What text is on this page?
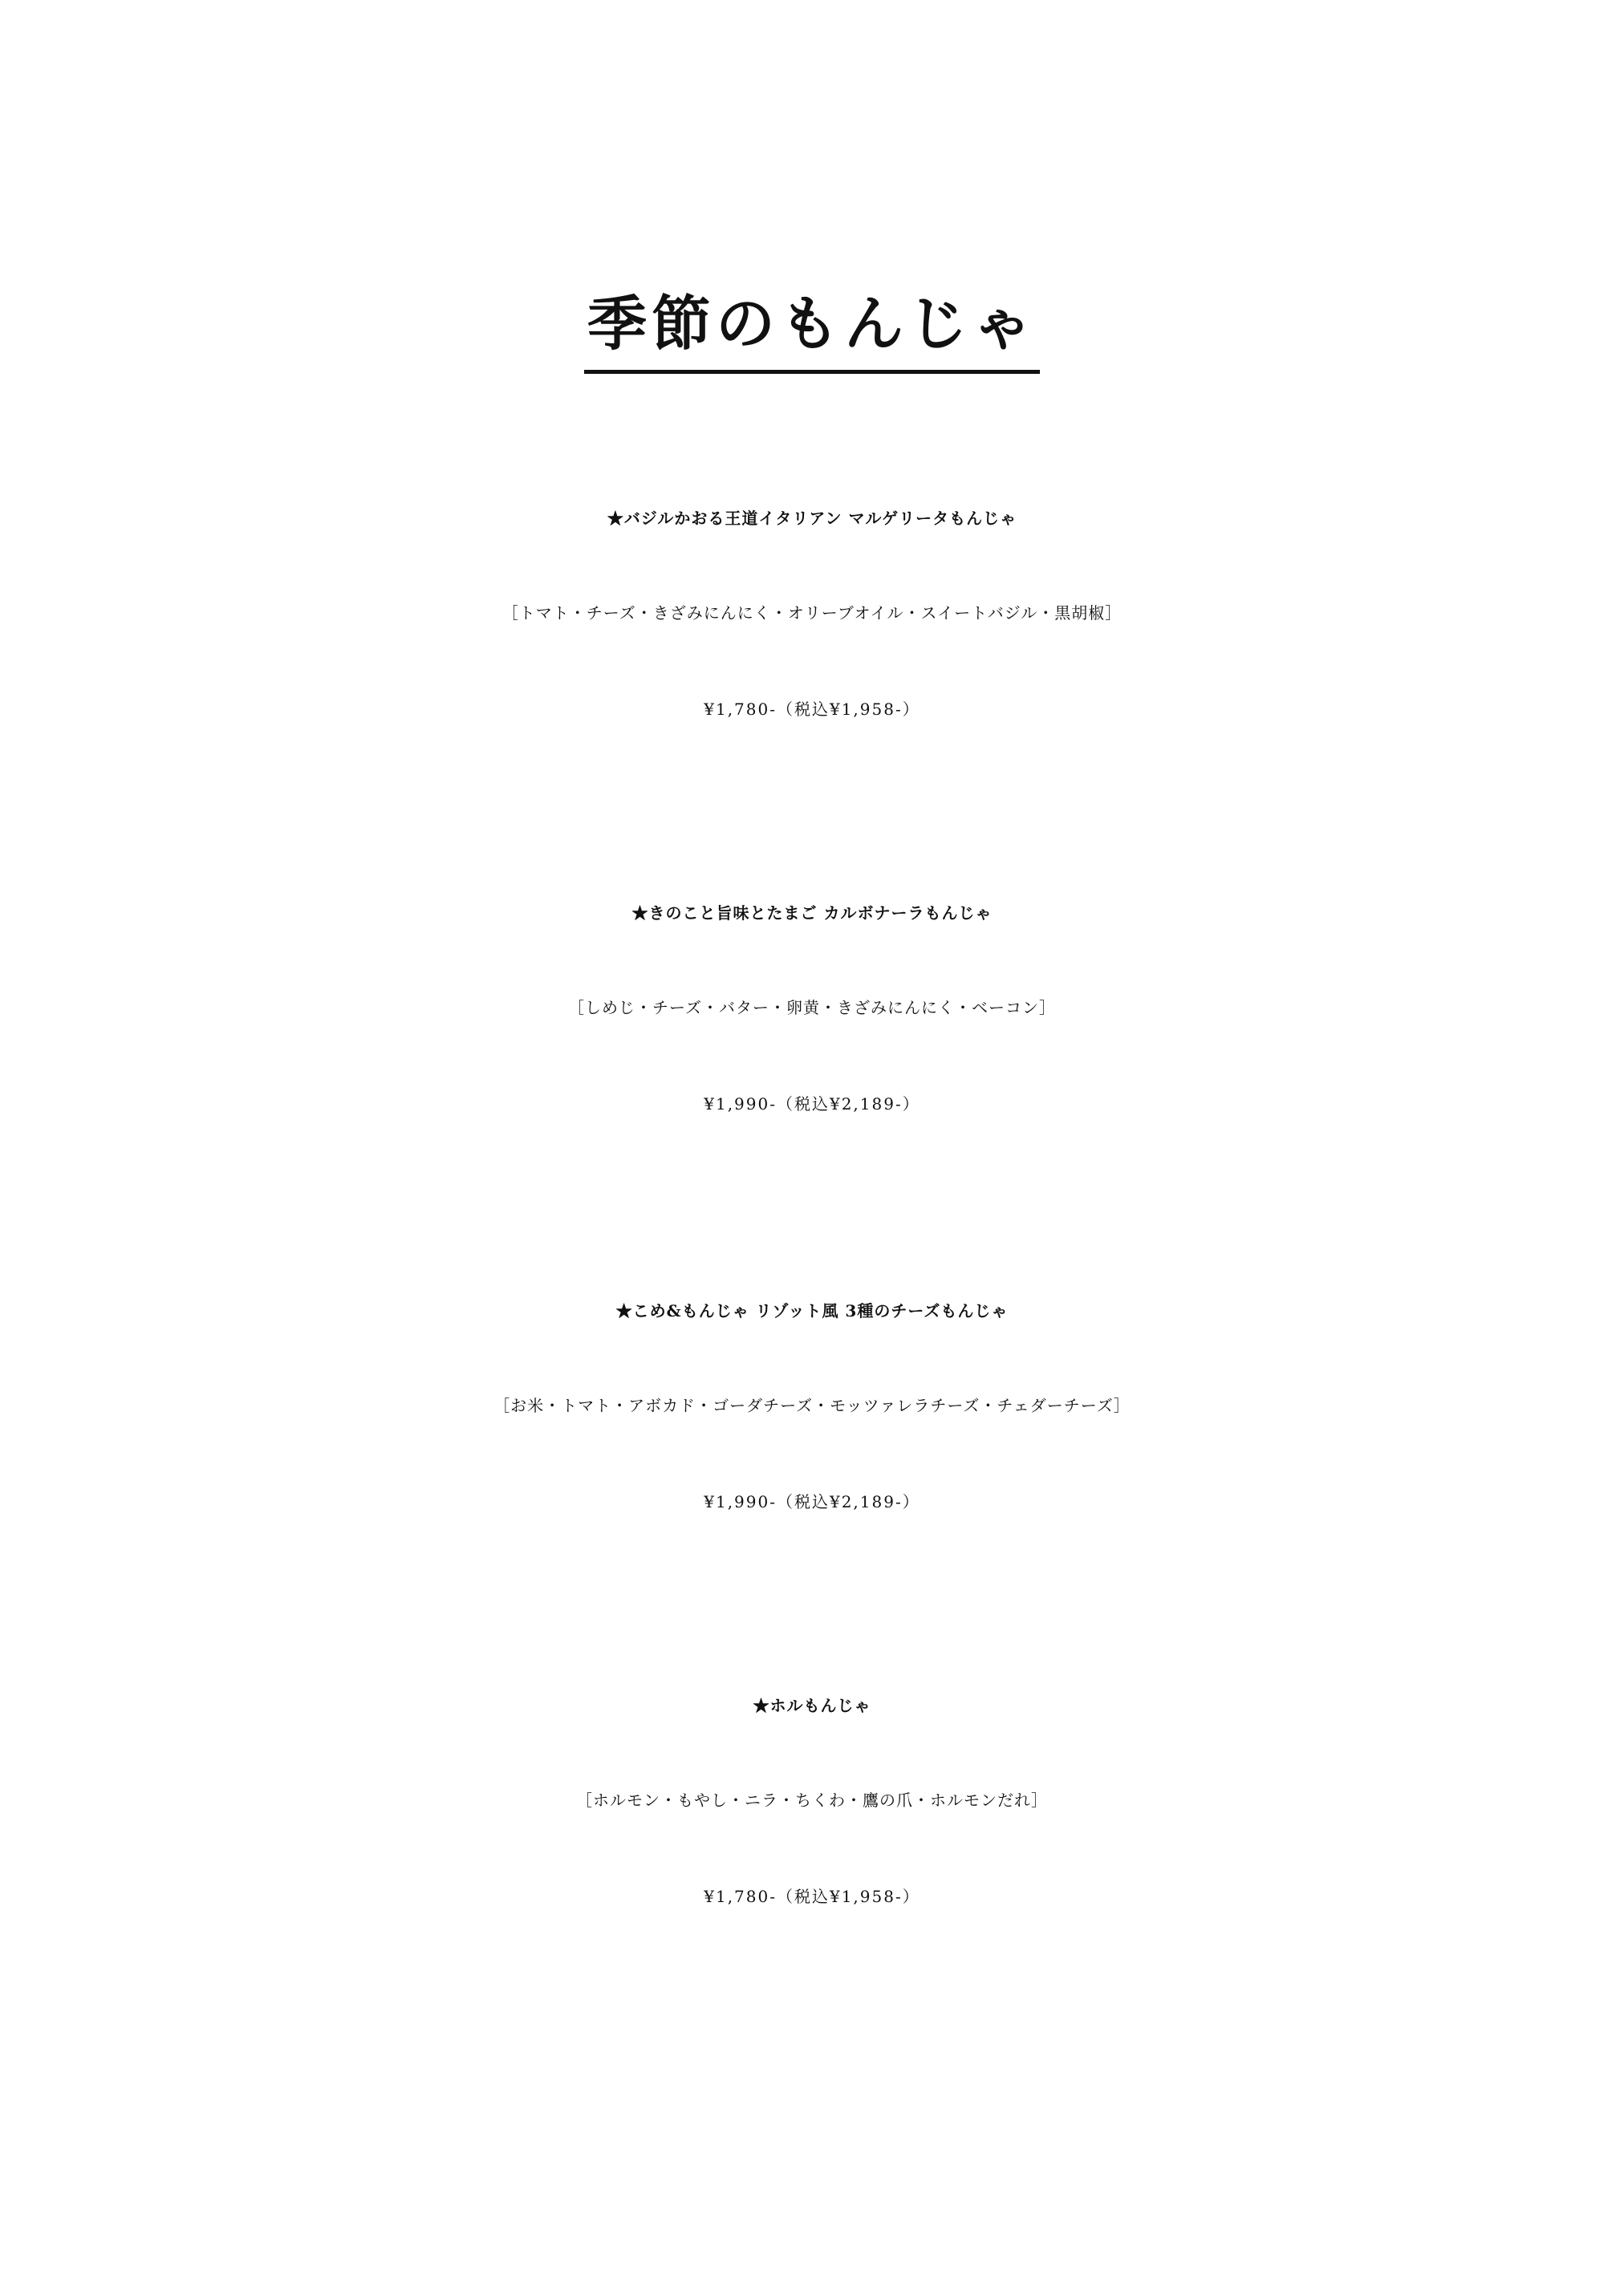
季節のもんじゃ
★バジルかおる王道イタリアン マルゲリータもんじゃ
［トマト・チーズ・きざみにんにく・オリーブオイル・スイートバジル・黒胡椒］
¥1,780-（税込¥1,958-）
★きのこと旨味とたまご カルボナーラもんじゃ
［しめじ・チーズ・バター・卵黄・きざみにんにく・ベーコン］
¥1,990-（税込¥2,189-）
★こめ&もんじゃ リゾット風 3種のチーズもんじゃ
［お米・トマト・アボカド・ゴーダチーズ・モッツァレラチーズ・チェダーチーズ］
¥1,990-（税込¥2,189-）
★ホルもんじゃ
［ホルモン・もやし・ニラ・ちくわ・鷹の爪・ホルモンだれ］
¥1,780-（税込¥1,958-）
